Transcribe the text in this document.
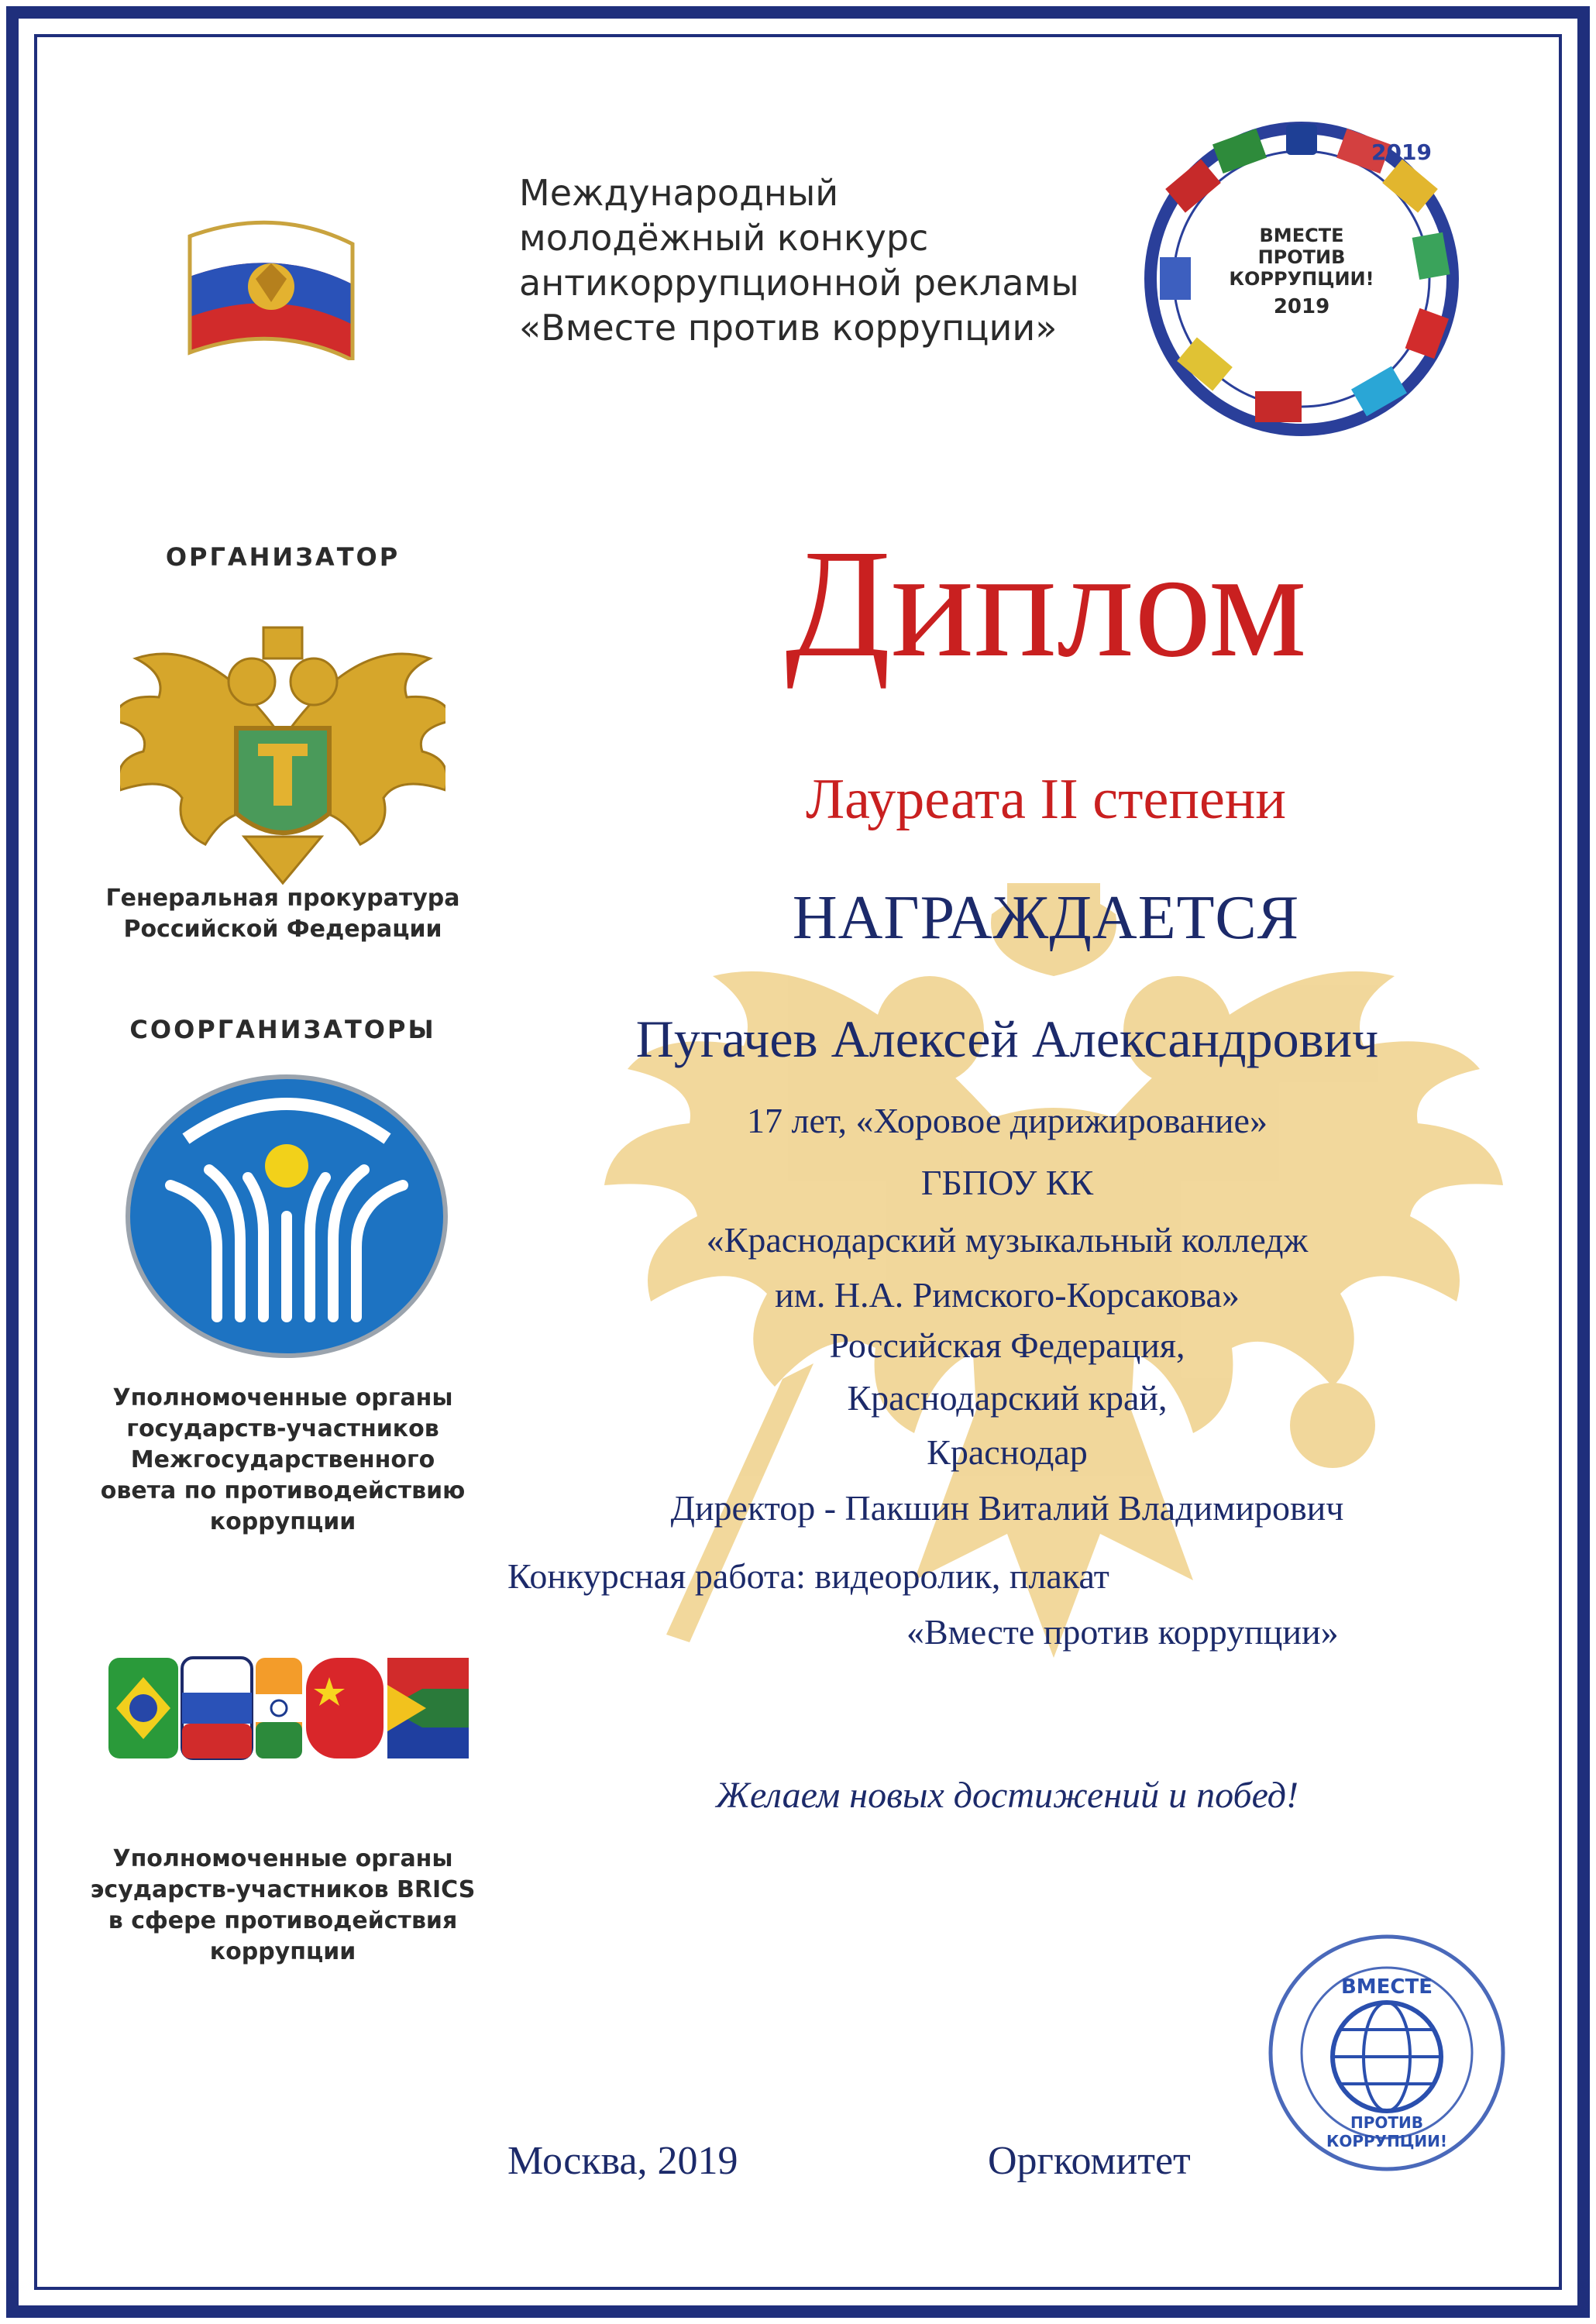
Международный
молодёжный конкурс
антикоррупционной рекламы
«Вместе против коррупции»
ВМЕСТЕ
ПРОТИВ
КОРРУПЦИИ!
2019
2019
ОРГАНИЗАТОР
Генеральная прокуратура
Российской Федерации
СООРГАНИЗАТОРЫ
Уполномоченные органы
государств-участников
Межгосударственного
овета по противодействию
коррупции
Уполномоченные органы
эсударств-участников BRICS
в сфере противодействия
коррупции
Диплом
Лауреата II степени
НАГРАЖДАЕТСЯ
Пугачев Алексей Александрович
17 лет, «Хоровое дирижирование»
ГБПОУ КК
«Краснодарский музыкальный колледж
им. Н.А. Римского-Корсакова»
Российская Федерация,
Краснодарский край,
Краснодар
Директор - Пакшин Виталий Владимирович
Конкурсная работа: видеоролик, плакат
«Вместе против коррупции»
Желаем новых достижений и побед!
Москва, 2019	Оргкомитет
ВМЕСТЕ
ПРОТИВ КОРРУПЦИИ!
